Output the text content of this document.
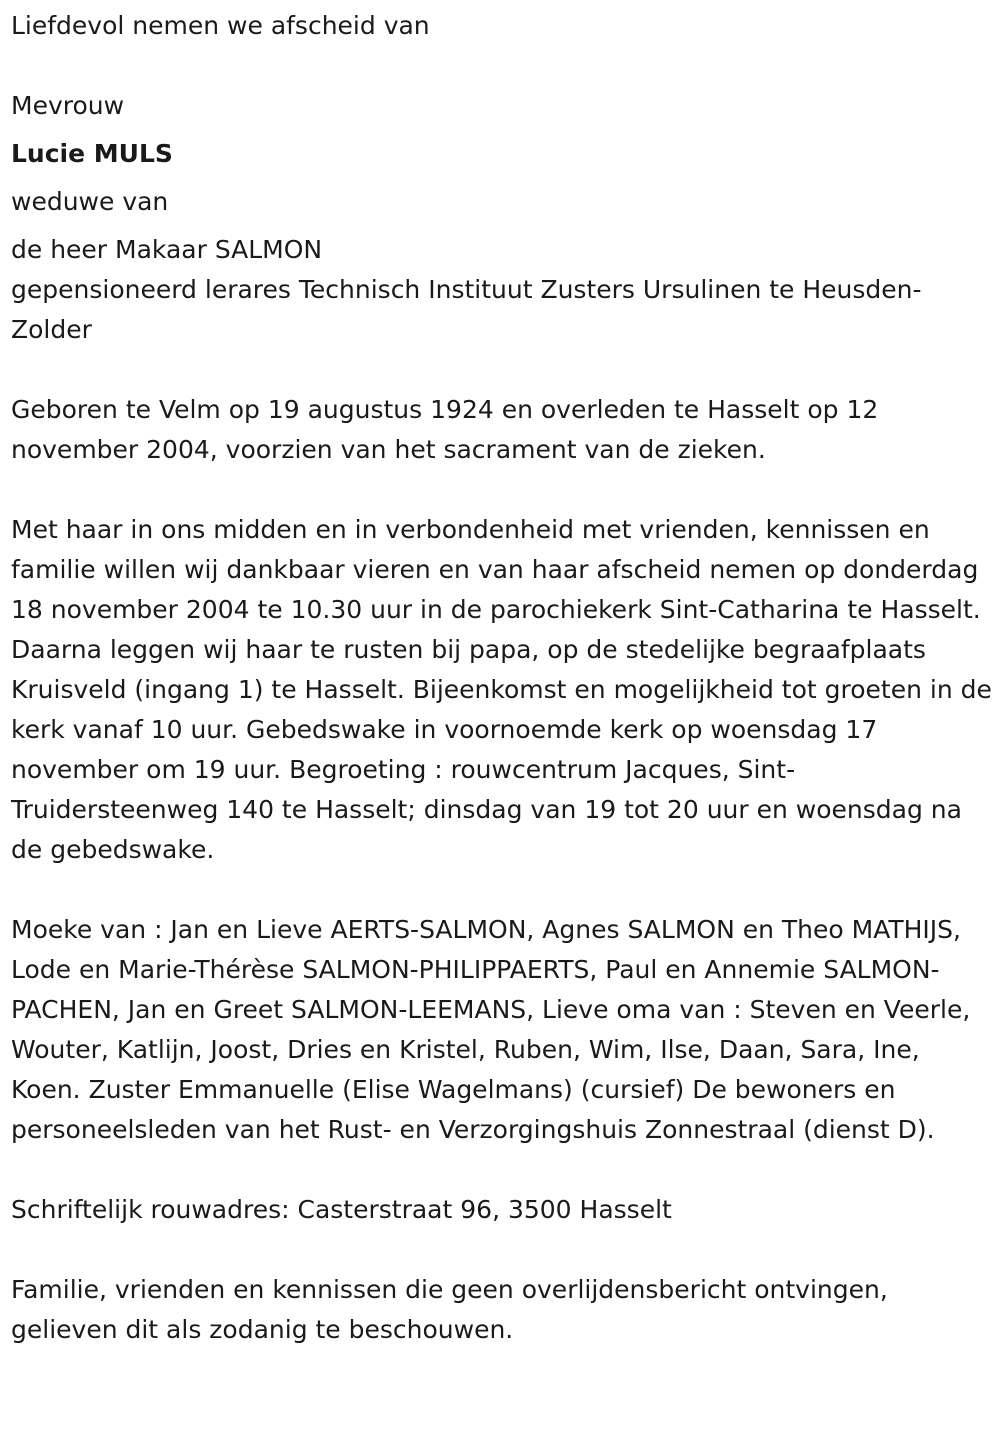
Liefdevol nemen we afscheid van

Mevrouw

Lucie MULS

weduwe van

de heer Makaar SALMON

gepensioneerd lerares Technisch Instituut Zusters Ursulinen te Heusden-Zolder

Geboren te Velm op 19 augustus 1924 en overleden te Hasselt op 12 november 2004, voorzien van het sacrament van de zieken.

Met haar in ons midden en in verbondenheid met vrienden, kennissen en familie willen wij dankbaar vieren en van haar afscheid nemen op donderdag 18 november 2004 te 10.30 uur in de parochiekerk Sint-Catharina te Hasselt. Daarna leggen wij haar te rusten bij papa, op de stedelijke begraafplaats Kruisveld (ingang 1) te Hasselt. Bijeenkomst en mogelijkheid tot groeten in de kerk vanaf 10 uur. Gebedswake in voornoemde kerk op woensdag 17 november om 19 uur. Begroeting : rouwcentrum Jacques, Sint-Truidersteenweg 140 te Hasselt; dinsdag van 19 tot 20 uur en woensdag na de gebedswake.

Moeke van : Jan en Lieve AERTS-SALMON, Agnes SALMON en Theo MATHIJS, Lode en Marie-Thérèse SALMON-PHILIPPAERTS, Paul en Annemie SALMON-PACHEN, Jan en Greet SALMON-LEEMANS, Lieve oma van : Steven en Veerle, Wouter, Katlijn, Joost, Dries en Kristel, Ruben, Wim, Ilse, Daan, Sara, Ine, Koen. Zuster Emmanuelle (Elise Wagelmans) (cursief) De bewoners en personeelsleden van het Rust- en Verzorgingshuis Zonnestraal (dienst D).

Schriftelijk rouwadres: Casterstraat 96, 3500 Hasselt

Familie, vrienden en kennissen die geen overlijdensbericht ontvingen, gelieven dit als zodanig te beschouwen.
